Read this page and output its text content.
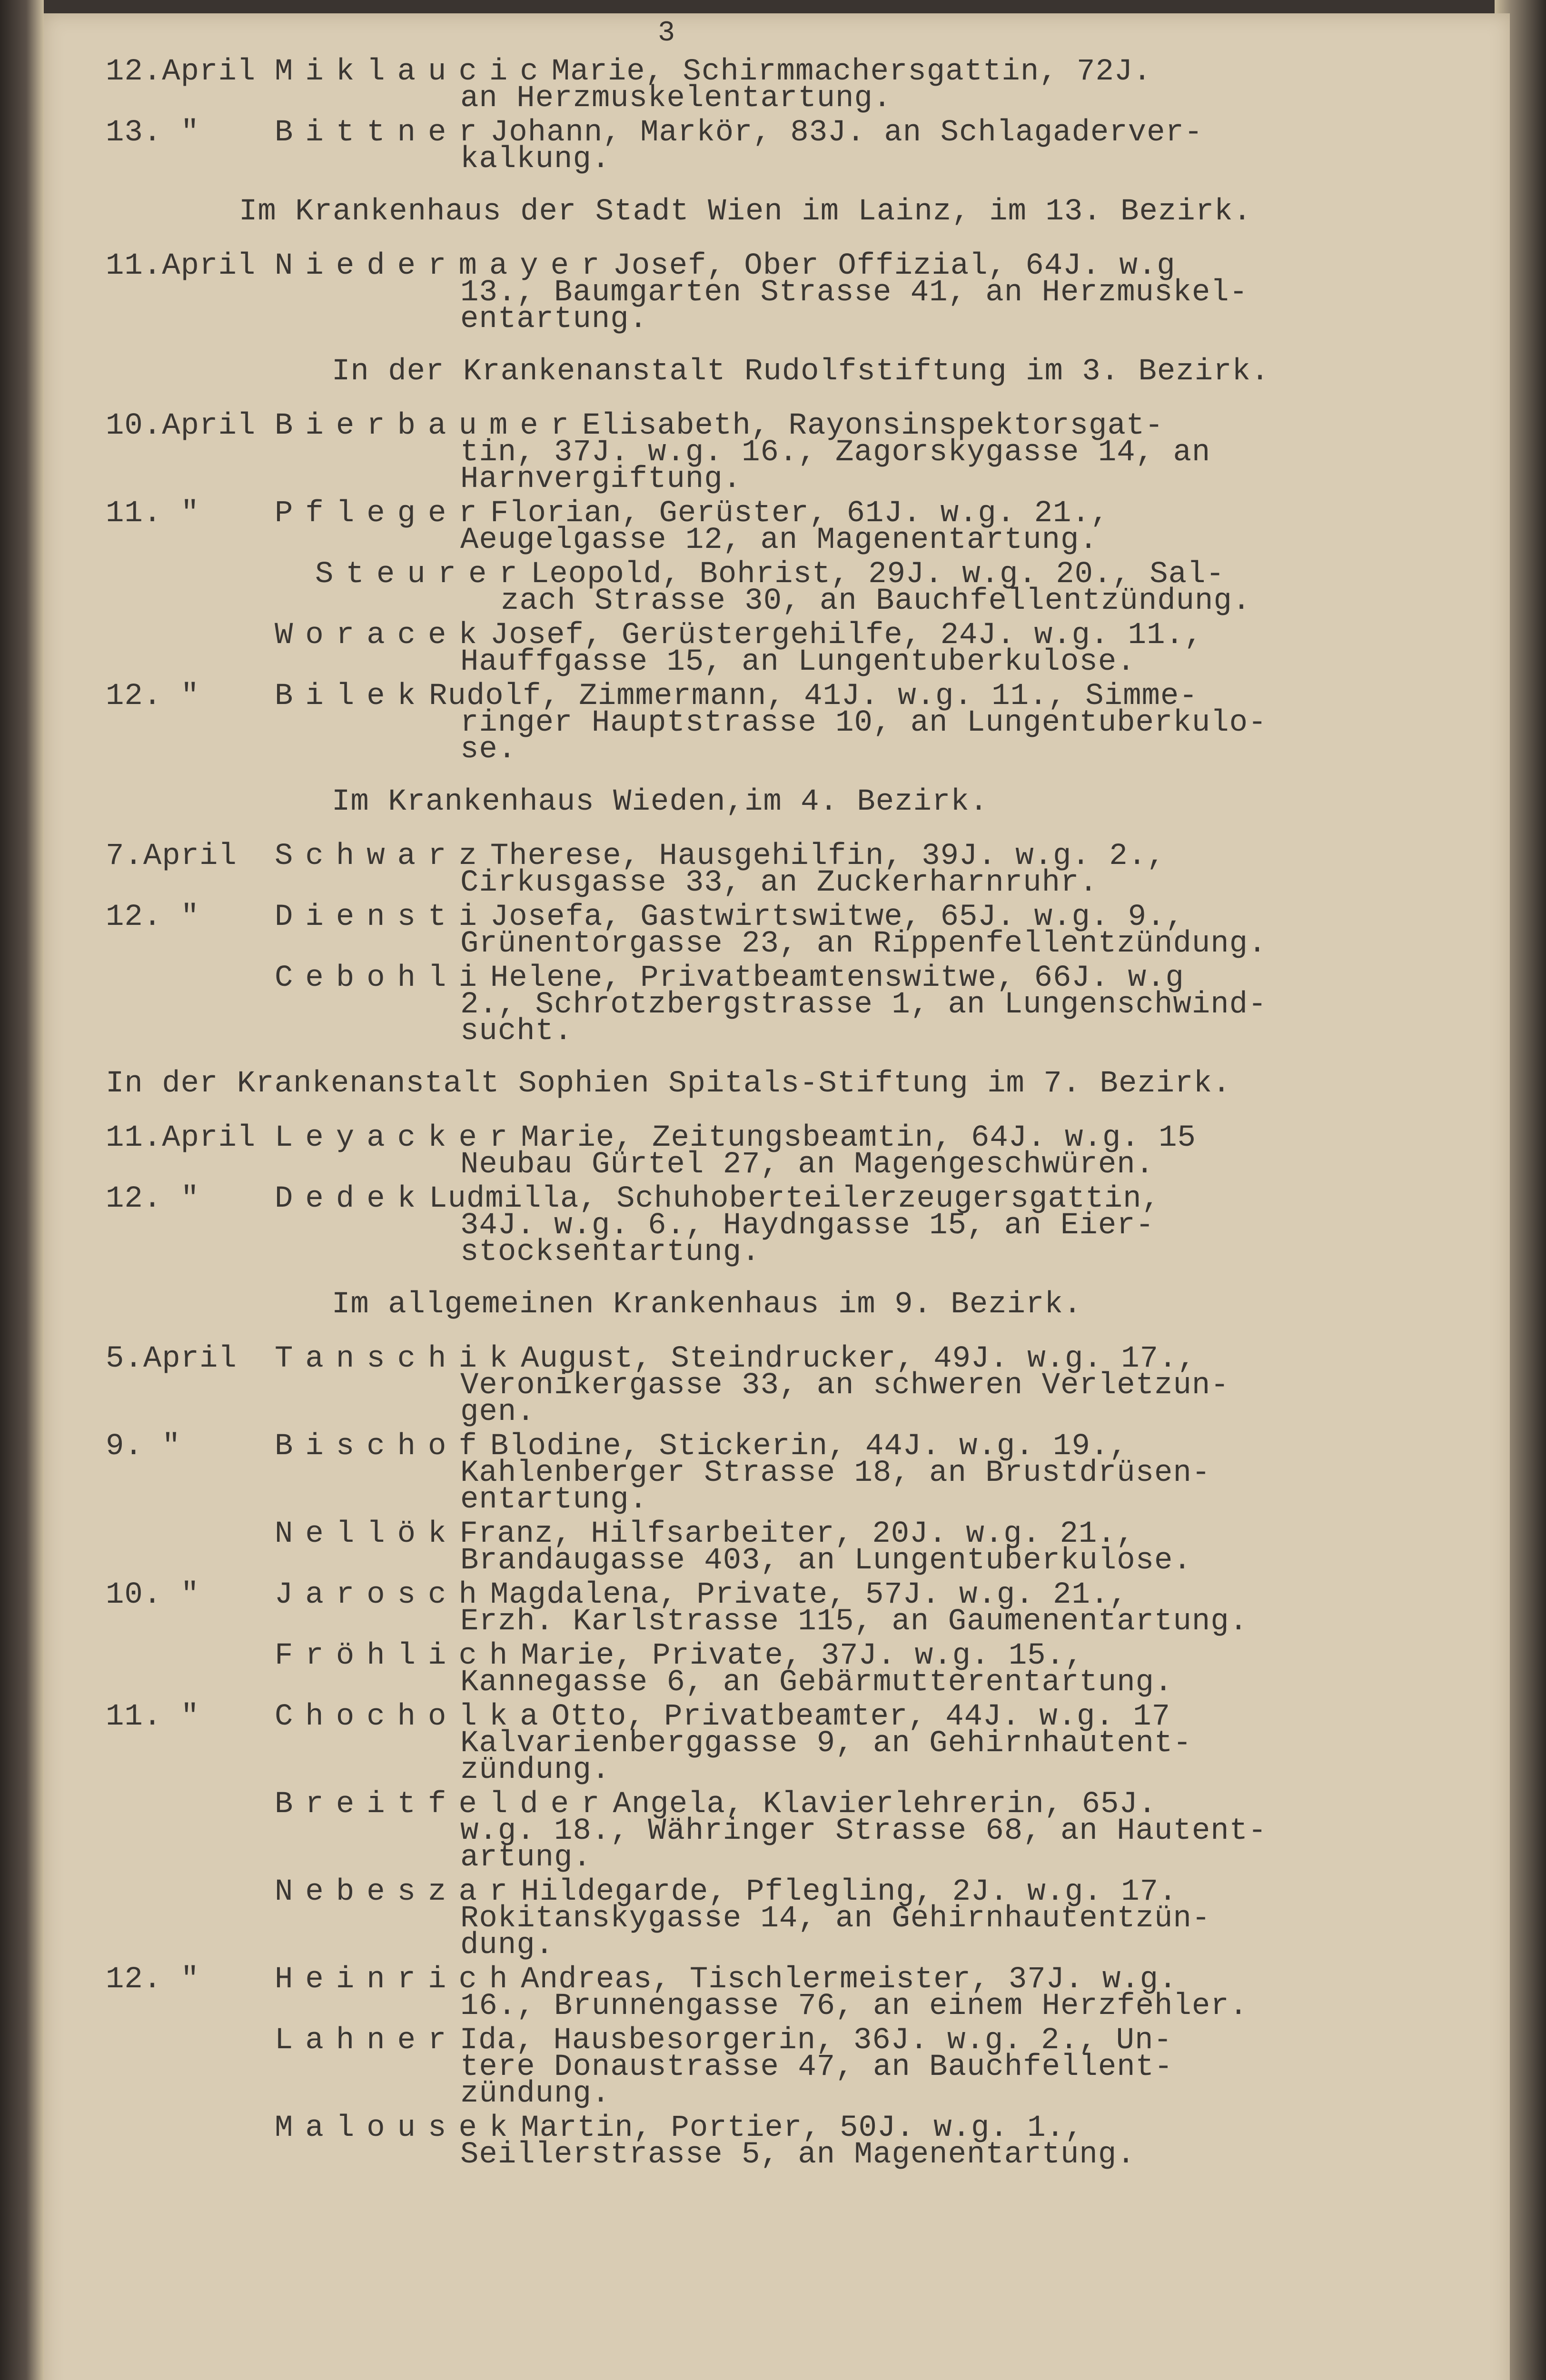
3
12.April MiklaucicMarie, Schirmmachersgattin, 72J.
an Herzmuskelentartung.
13. " BittnerJohann, Markör, 83J. an Schlagaderver-
kalkung.
Im Krankenhaus der Stadt Wien im Lainz, im 13. Bezirk.
11.April NiedermayerJosef, Ober Offizial, 64J. w.g
13., Baumgarten Strasse 41, an Herzmuskel-
entartung.
In der Krankenanstalt Rudolfstiftung im 3. Bezirk.
10.April BierbaumerElisabeth, Rayonsinspektorsgat-
tin, 37J. w.g. 16., Zagorskygasse 14, an
Harnvergiftung.
11. " PflegerFlorian, Gerüster, 61J. w.g. 21.,
Aeugelgasse 12, an Magenentartung.
SteurerLeopold, Bohrist, 29J. w.g. 20., Sal-
zach Strasse 30, an Bauchfellentzündung.
WoracekJosef, Gerüstergehilfe, 24J. w.g. 11.,
Hauffgasse 15, an Lungentuberkulose.
12. " BilekRudolf, Zimmermann, 41J. w.g. 11., Simme-
ringer Hauptstrasse 10, an Lungentuberkulo-
se.
Im Krankenhaus Wieden,im 4. Bezirk.
7.April SchwarzTherese, Hausgehilfin, 39J. w.g. 2.,
Cirkusgasse 33, an Zuckerharnruhr.
12. " DienstiJosefa, Gastwirtswitwe, 65J. w.g. 9.,
Grünentorgasse 23, an Rippenfellentzündung.
CebohliHelene, Privatbeamtenswitwe, 66J. w.g
2., Schrotzbergstrasse 1, an Lungenschwind-
sucht.
In der Krankenanstalt Sophien Spitals-Stiftung im 7. Bezirk.
11.April LeyackerMarie, Zeitungsbeamtin, 64J. w.g. 15
Neubau Gürtel 27, an Magengeschwüren.
12. " DedekLudmilla, Schuhoberteilerzeugersgattin,
34J. w.g. 6., Haydngasse 15, an Eier-
stocksentartung.
Im allgemeinen Krankenhaus im 9. Bezirk.
5.April TanschikAugust, Steindrucker, 49J. w.g. 17.,
Veronikergasse 33, an schweren Verletzun-
gen.
9. "	BischofBlodine, Stickerin, 44J. w.g. 19.,
Kahlenberger Strasse 18, an Brustdrüsen-
entartung.
NellökFranz, Hilfsarbeiter, 20J. w.g. 21.,
Brandaugasse 403, an Lungentuberkulose.
10. " JaroschMagdalena, Private, 57J. w.g. 21.,
Erzh. Karlstrasse 115, an Gaumenentartung.
FröhlichMarie, Private, 37J. w.g. 15.,
Kannegasse 6, an Gebärmutterentartung.
11. " ChocholkaOtto, Privatbeamter, 44J. w.g. 17
Kalvarienberggasse 9, an Gehirnhautent-
zündung.
BreitfelderAngela, Klavierlehrerin, 65J.
w.g. 18., Währinger Strasse 68, an Hautent-
artung.
NebeszarHildegarde, Pflegling, 2J. w.g. 17.
Rokitanskygasse 14, an Gehirnhautentzün-
dung.
12. " HeinrichAndreas, Tischlermeister, 37J. w.g.
16., Brunnengasse 76, an einem Herzfehler.
LahnerIda, Hausbesorgerin, 36J. w.g. 2., Un-
tere Donaustrasse 47, an Bauchfellent-
zündung.
MalousekMartin, Portier, 50J. w.g. 1.,
Seillerstrasse 5, an Magenentartung.
